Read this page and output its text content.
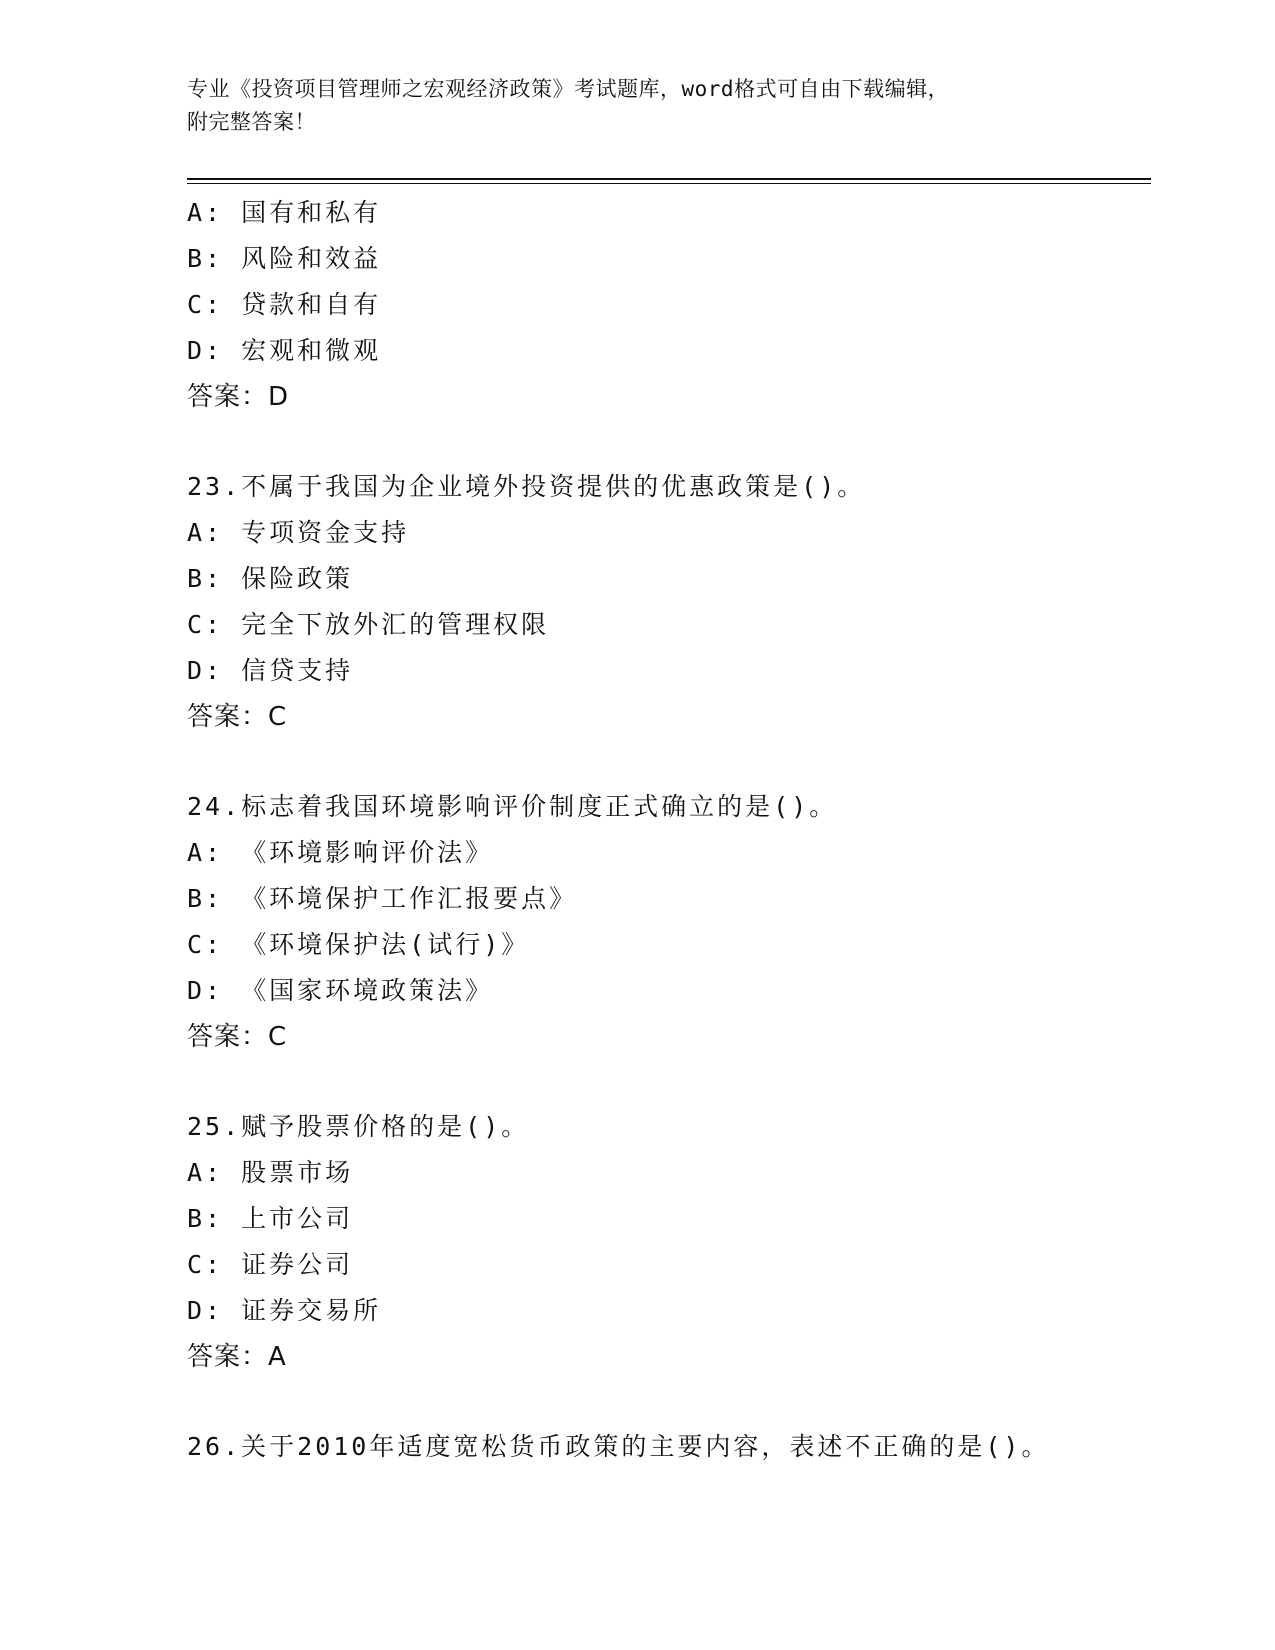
专业《投资项目管理师之宏观经济政策》考试题库，word格式可自由下载编辑，

附完整答案！

A: 国有和私有
B: 风险和效益
C: 贷款和自有
D: 宏观和微观
答案：D
23.不属于我国为企业境外投资提供的优惠政策是()。
A: 专项资金支持
B: 保险政策
C: 完全下放外汇的管理权限
D: 信贷支持
答案：C
24.标志着我国环境影响评价制度正式确立的是()。
A: 《环境影响评价法》
B: 《环境保护工作汇报要点》
C: 《环境保护法(试行)》
D: 《国家环境政策法》
答案：C
25.赋予股票价格的是()。
A: 股票市场
B: 上市公司
C: 证券公司
D: 证券交易所
答案：A
26.关于2010年适度宽松货币政策的主要内容，表述不正确的是()。
